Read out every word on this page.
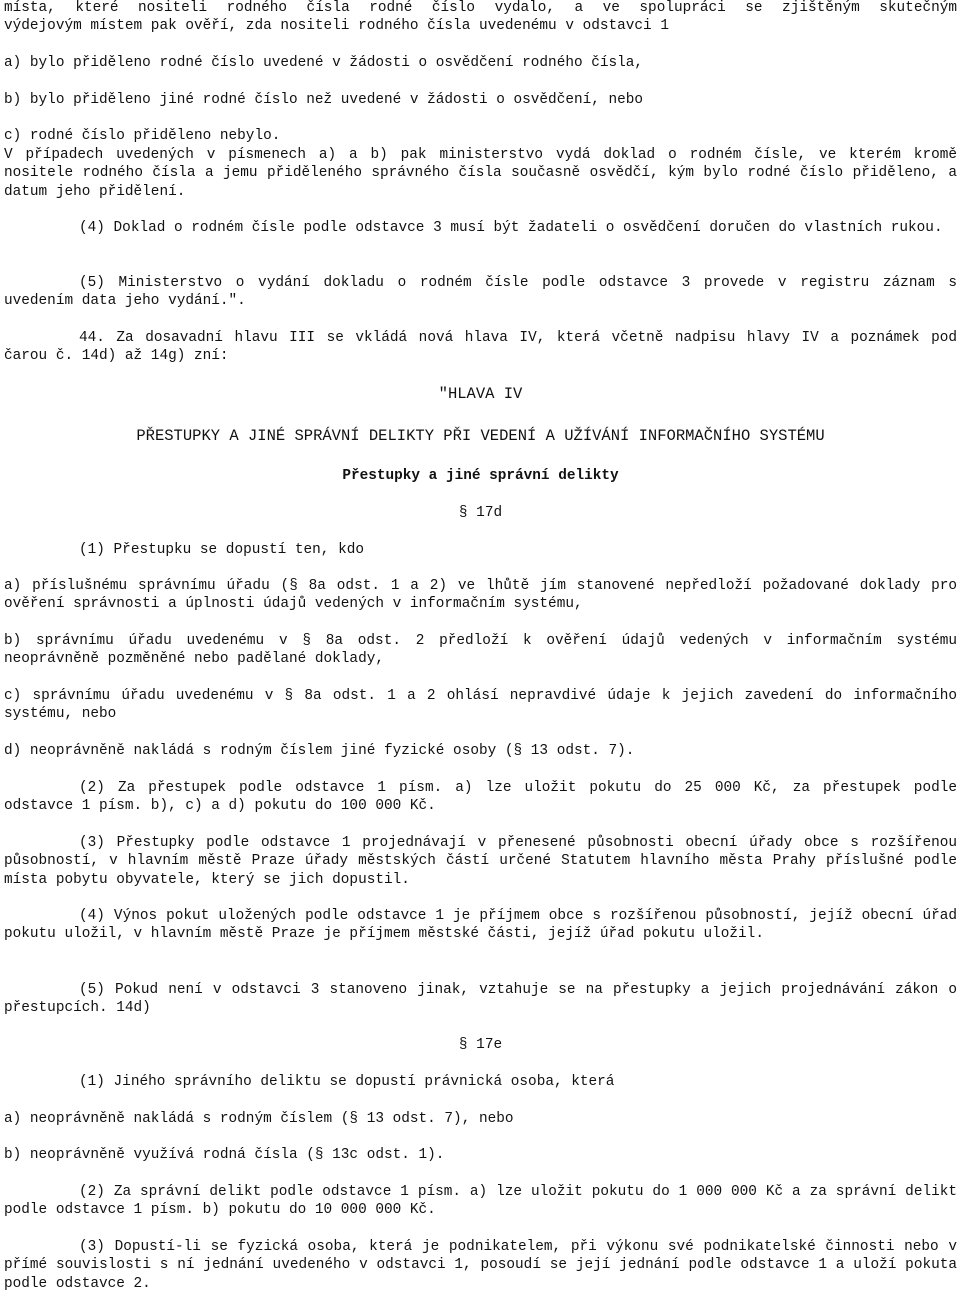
místa, které nositeli rodného čísla rodné číslo vydalo, a ve spolupráci se zjištěným skutečným

výdejovým místem pak ověří, zda nositeli rodného čísla uvedenému v odstavci 1

a) bylo přiděleno rodné číslo uvedené v žádosti o osvědčení rodného čísla,

b) bylo přiděleno jiné rodné číslo než uvedené v žádosti o osvědčení, nebo

c) rodné číslo přiděleno nebylo.

V případech uvedených v písmenech a) a b) pak ministerstvo vydá doklad o rodném čísle, ve kterém kromě nositele rodného čísla a jemu přiděleného správného čísla současně osvědčí, kým bylo rodné číslo přiděleno, a datum jeho přidělení.

(4) Doklad o rodném čísle podle odstavce 3 musí být žadateli o osvědčení doručen do vlastních rukou.

(5) Ministerstvo o vydání dokladu o rodném čísle podle odstavce 3 provede v registru záznam s uvedením data jeho vydání.".

44. Za dosavadní hlavu III se vkládá nová hlava IV, která včetně nadpisu hlavy IV a poznámek pod čarou č. 14d) až 14g) zní:

"HLAVA IV

PŘESTUPKY A JINÉ SPRÁVNÍ DELIKTY PŘI VEDENÍ A UŽÍVÁNÍ INFORMAČNÍHO SYSTÉMU

Přestupky a jiné správní delikty

§ 17d

(1) Přestupku se dopustí ten, kdo

a) příslušnému správnímu úřadu (§ 8a odst. 1 a 2) ve lhůtě jím stanovené nepředloží požadované doklady pro ověření správnosti a úplnosti údajů vedených v informačním systému,

b) správnímu úřadu uvedenému v § 8a odst. 2 předloží k ověření údajů vedených v informačním systému neoprávněně pozměněné nebo padělané doklady,

c) správnímu úřadu uvedenému v § 8a odst. 1 a 2 ohlásí nepravdivé údaje k jejich zavedení do informačního systému, nebo

d) neoprávněně nakládá s rodným číslem jiné fyzické osoby (§ 13 odst. 7).

(2) Za přestupek podle odstavce 1 písm. a) lze uložit pokutu do 25 000 Kč, za přestupek podle odstavce 1 písm. b), c) a d) pokutu do 100 000 Kč.

(3) Přestupky podle odstavce 1 projednávají v přenesené působnosti obecní úřady obce s rozšířenou působností, v hlavním městě Praze úřady městských částí určené Statutem hlavního města Prahy příslušné podle místa pobytu obyvatele, který se jich dopustil.

(4) Výnos pokut uložených podle odstavce 1 je příjmem obce s rozšířenou působností, jejíž obecní úřad pokutu uložil, v hlavním městě Praze je příjmem městské části, jejíž úřad pokutu uložil.

(5) Pokud není v odstavci 3 stanoveno jinak, vztahuje se na přestupky a jejich projednávání zákon o přestupcích. 14d)

§ 17e

(1) Jiného správního deliktu se dopustí právnická osoba, která

a) neoprávněně nakládá s rodným číslem (§ 13 odst. 7), nebo

b) neoprávněně využívá rodná čísla (§ 13c odst. 1).

(2) Za správní delikt podle odstavce 1 písm. a) lze uložit pokutu do 1 000 000 Kč a za správní delikt podle odstavce 1 písm. b) pokutu do 10 000 000 Kč.

(3) Dopustí-li se fyzická osoba, která je podnikatelem, při výkonu své podnikatelské činnosti nebo v přímé souvislosti s ní jednání uvedeného v odstavci 1, posoudí se její jednání podle odstavce 1 a uloží pokuta podle odstavce 2.
